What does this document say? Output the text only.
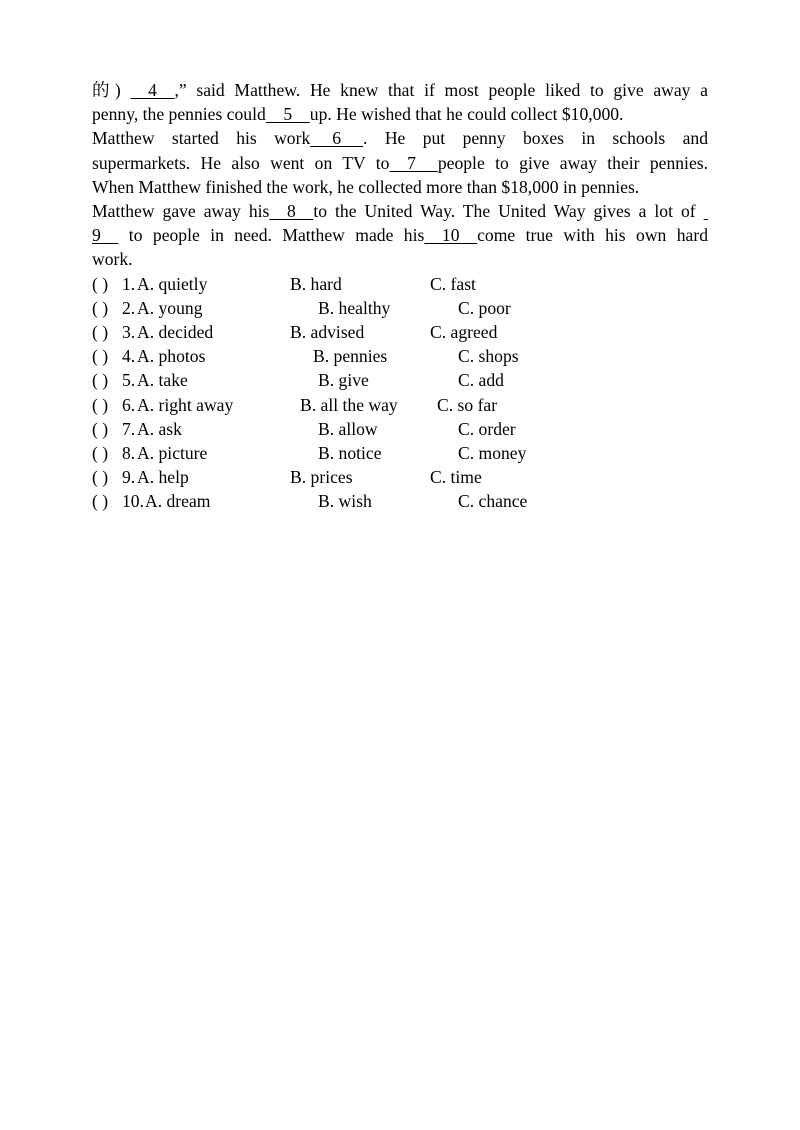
的)     4    ,” said Matthew. He knew that if most people liked to give away a
penny, the pennies could    5    up. He wished that he could collect $10,000.
Matthew started his work     6     . He put penny boxes in schools and
supermarkets. He also went on TV to    7     people to give away their pennies.
When Matthew finished the work, he collected more than $18,000 in pennies.
Matthew gave away his    8    to the United Way. The United Way gives a lot of
9     to people in need. Matthew made his    10    come true with his own hard
work.
( ) 1. A. quietly	B. hard	C. fast
( ) 2. A. young	B. healthy	C. poor
( ) 3. A. decided	B. advised	C. agreed
( ) 4. A. photos	B. pennies	C. shops
( ) 5. A. take	B. give	C. add
( ) 6. A. right away	B. all the way C. so far
( ) 7. A. ask	B. allow	C. order
( ) 8. A. picture	B. notice	C. money
( ) 9. A. help	B. prices	C. time
( ) 10. A. dream	B. wish	C. chance
